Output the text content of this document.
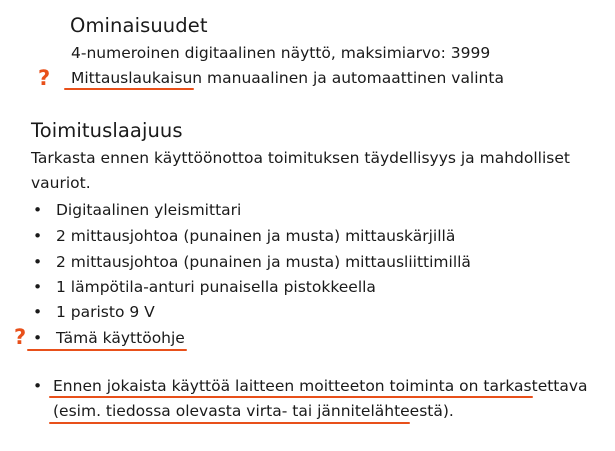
Ominaisuudet
4-numeroinen digitaalinen näyttö, maksimiarvo: 3999
Mittauslaukaisun manuaalinen ja automaattinen valinta
?
Toimituslaajuus
Tarkasta ennen käyttöönottoa toimituksen täydellisyys ja mahdolliset
vauriot.
• Digitaalinen yleismittari
• 2 mittausjohtoa (punainen ja musta) mittauskärjillä
• 2 mittausjohtoa (punainen ja musta) mittausliittimillä
• 1 lämpötila-anturi punaisella pistokkeella
• 1 paristo 9 V
• Tämä käyttöohje
?
• Ennen jokaista käyttöä laitteen moitteeton toiminta on tarkastettava
(esim. tiedossa olevasta virta- tai jännitelähteestä).
